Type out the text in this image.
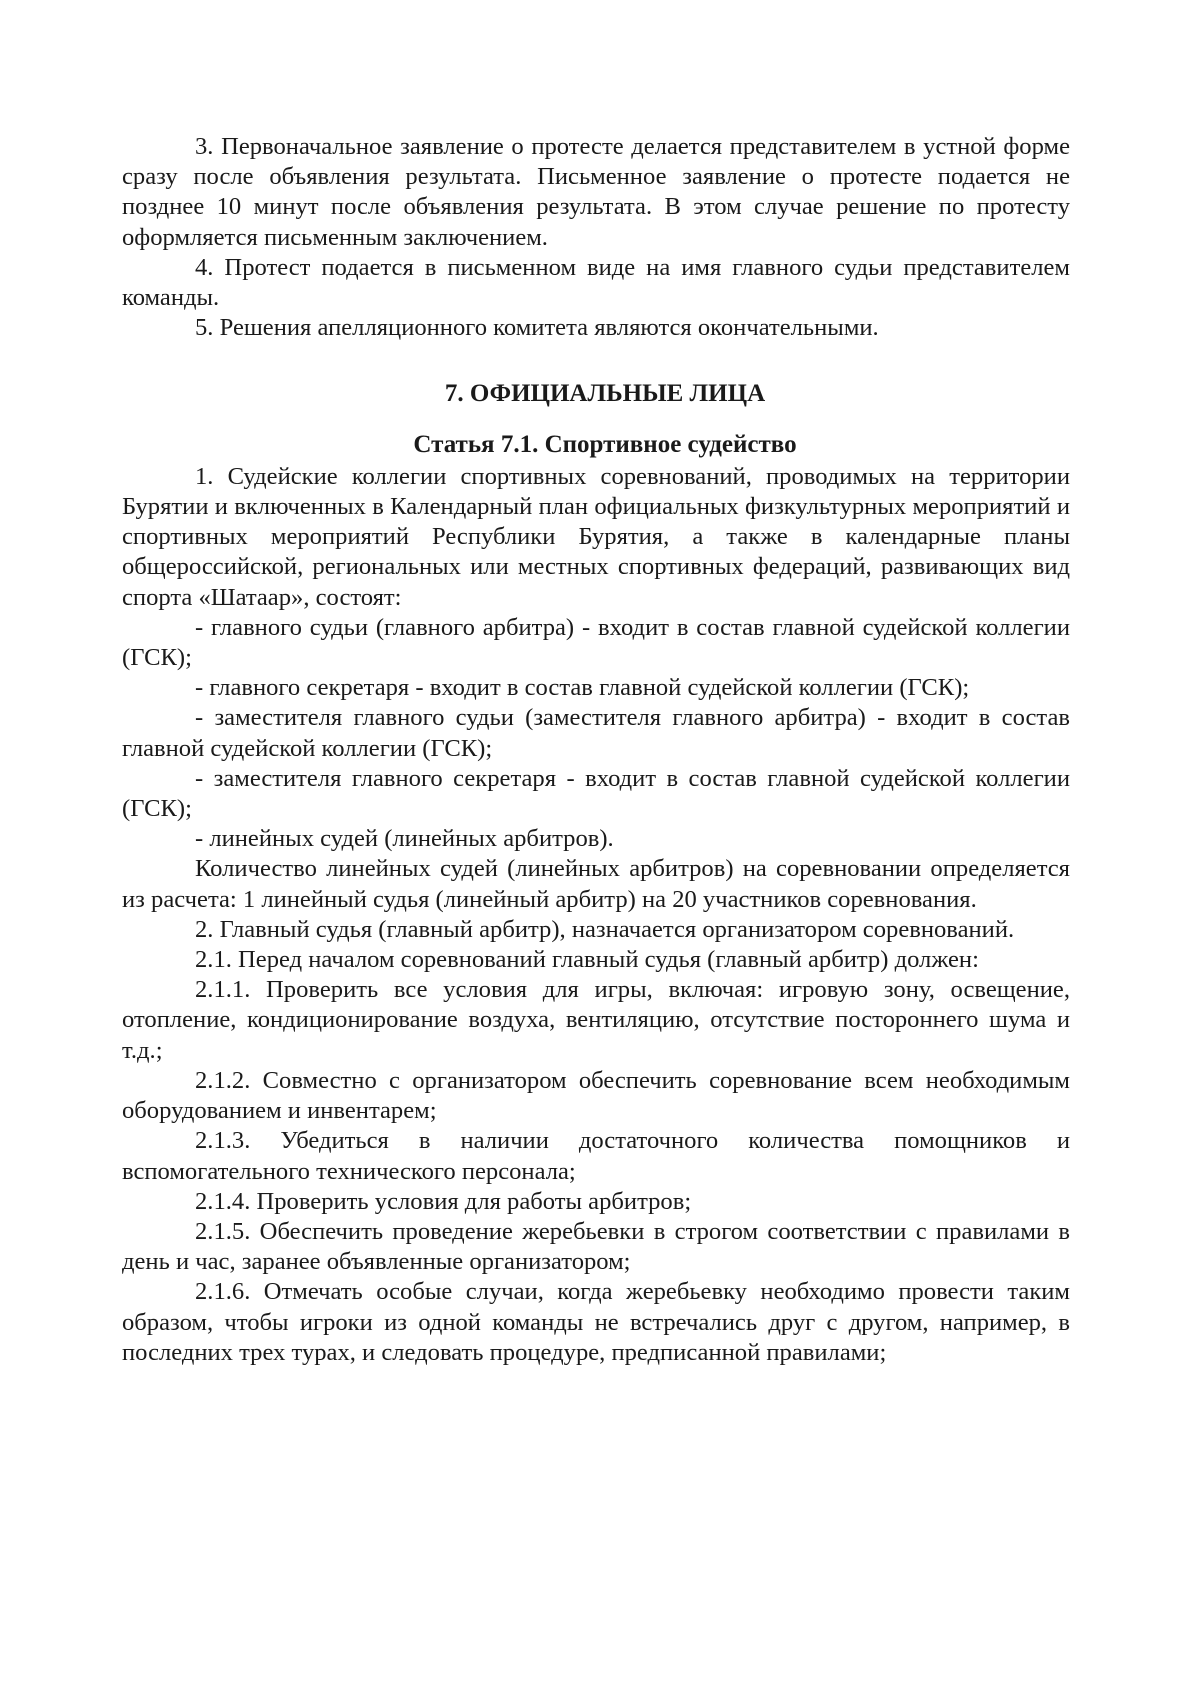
3. Первоначальное заявление о протесте делается представителем в устной форме сразу после объявления результата. Письменное заявление о протесте подается не позднее 10 минут после объявления результата. В этом случае решение по протесту оформляется письменным заключением.

4. Протест подается в письменном виде на имя главного судьи представителем команды.

5. Решения апелляционного комитета являются окончательными.

7. ОФИЦИАЛЬНЫЕ ЛИЦА
Статья 7.1. Спортивное судейство

1. Судейские коллегии спортивных соревнований, проводимых на территории Бурятии и включенных в Календарный план официальных физкультурных мероприятий и спортивных мероприятий Республики Бурятия, а также в календарные планы общероссийской, региональных или местных спортивных федераций, развивающих вид спорта «Шатаар», состоят:

- главного судьи (главного арбитра) - входит в состав главной судейской коллегии (ГСК);

- главного секретаря - входит в состав главной судейской коллегии (ГСК);

- заместителя главного судьи (заместителя главного арбитра) - входит в состав главной судейской коллегии (ГСК);

- заместителя главного секретаря - входит в состав главной судейской коллегии (ГСК);

- линейных судей (линейных арбитров).

Количество линейных судей (линейных арбитров) на соревновании определяется из расчета: 1 линейный судья (линейный арбитр) на 20 участников соревнования.

2. Главный судья (главный арбитр), назначается организатором соревнований.

2.1. Перед началом соревнований главный судья (главный арбитр) должен:

2.1.1. Проверить все условия для игры, включая: игровую зону, освещение, отопление, кондиционирование воздуха, вентиляцию, отсутствие постороннего шума и т.д.;

2.1.2. Совместно с организатором обеспечить соревнование всем необходимым оборудованием и инвентарем;

2.1.3. Убедиться в наличии достаточного количества помощников и вспомогательного технического персонала;

2.1.4. Проверить условия для работы арбитров;

2.1.5. Обеспечить проведение жеребьевки в строгом соответствии с правилами в день и час, заранее объявленные организатором;

2.1.6. Отмечать особые случаи, когда жеребьевку необходимо провести таким образом, чтобы игроки из одной команды не встречались друг с другом, например, в последних трех турах, и следовать процедуре, предписанной правилами;
